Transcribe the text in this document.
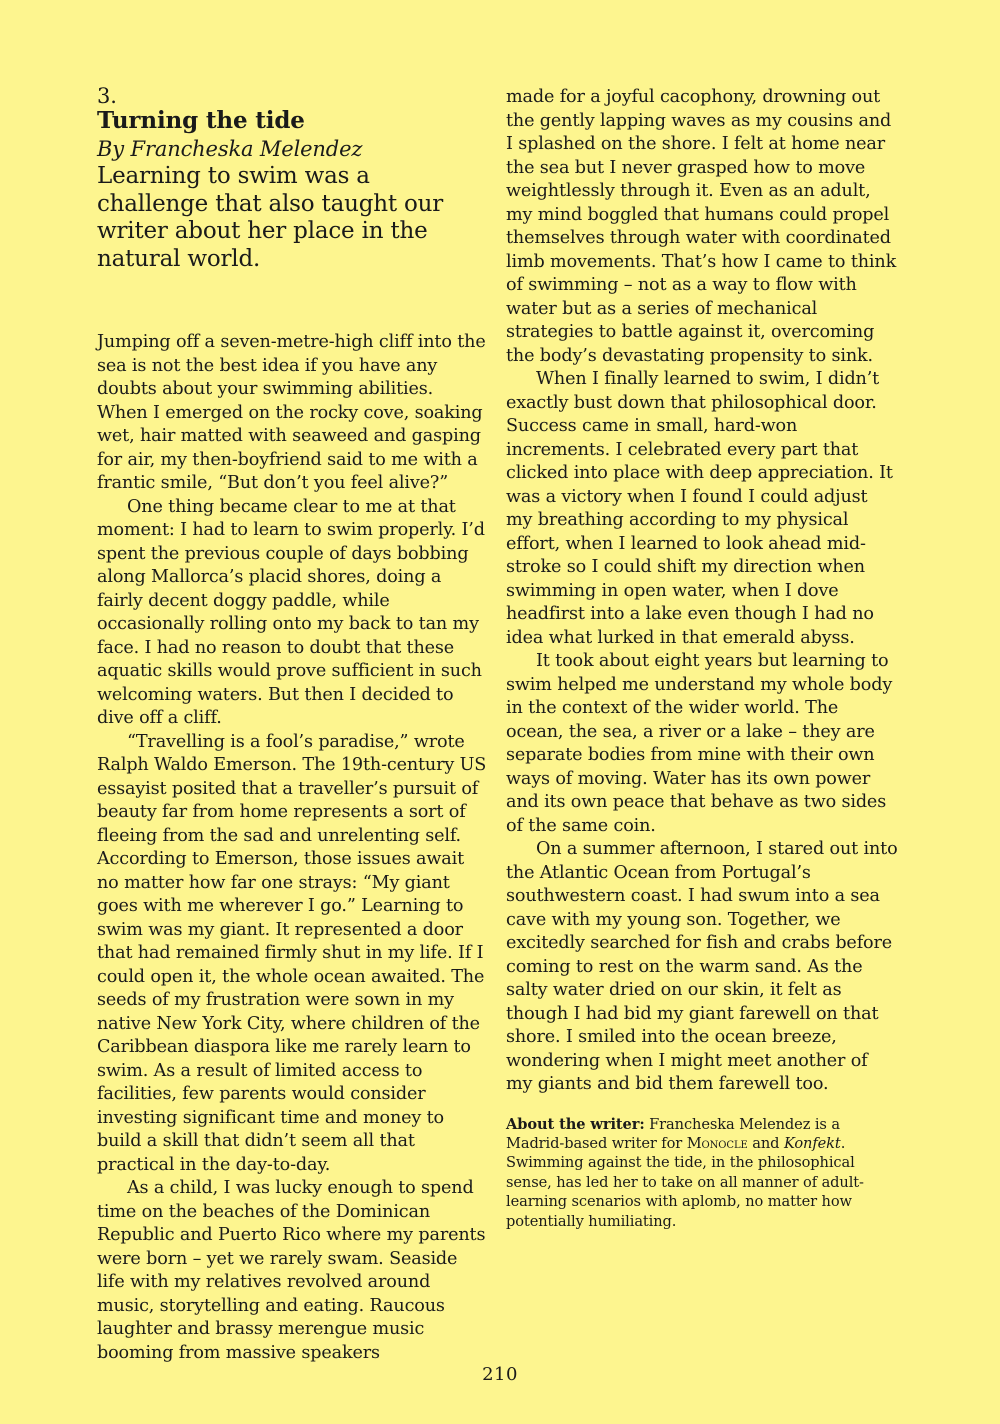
3.

Turning the tide

By Francheska Melendez

Learning to swim was a challenge that also taught our writer about her place in the natural world.

Jumping off a seven-metre-high cliff into the sea is not the best idea if you have any doubts about your swimming abilities. When I emerged on the rocky cove, soaking wet, hair matted with seaweed and gasping for air, my then-boyfriend said to me with a frantic smile, “But don’t you feel alive?”

One thing became clear to me at that moment: I had to learn to swim properly. I’d spent the previous couple of days bobbing along Mallorca’s placid shores, doing a fairly decent doggy paddle, while occasionally rolling onto my back to tan my face. I had no reason to doubt that these aquatic skills would prove sufficient in such welcoming waters. But then I decided to dive off a cliff.

“Travelling is a fool’s paradise,” wrote Ralph Waldo Emerson. The 19th-century US essayist posited that a traveller’s pursuit of beauty far from home represents a sort of fleeing from the sad and unrelenting self. According to Emerson, those issues await no matter how far one strays: “My giant goes with me wherever I go.” Learning to swim was my giant. It represented a door that had remained firmly shut in my life. If I could open it, the whole ocean awaited. The seeds of my frustration were sown in my native New York City, where children of the Caribbean diaspora like me rarely learn to swim. As a result of limited access to facilities, few parents would consider investing significant time and money to build a skill that didn’t seem all that practical in the day-to-day.

As a child, I was lucky enough to spend time on the beaches of the Dominican Republic and Puerto Rico where my parents were born – yet we rarely swam. Seaside life with my relatives revolved around music, storytelling and eating. Raucous laughter and brassy merengue music booming from massive speakers

made for a joyful cacophony, drowning out the gently lapping waves as my cousins and I splashed on the shore. I felt at home near the sea but I never grasped how to move weightlessly through it. Even as an adult, my mind boggled that humans could propel themselves through water with coordinated limb movements. That’s how I came to think of swimming – not as a way to flow with water but as a series of mechanical strategies to battle against it, overcoming the body’s devastating propensity to sink.

When I finally learned to swim, I didn’t exactly bust down that philosophical door. Success came in small, hard-won increments. I celebrated every part that clicked into place with deep appreciation. It was a victory when I found I could adjust my breathing according to my physical effort, when I learned to look ahead mid-stroke so I could shift my direction when swimming in open water, when I dove headfirst into a lake even though I had no idea what lurked in that emerald abyss.

It took about eight years but learning to swim helped me understand my whole body in the context of the wider world. The ocean, the sea, a river or a lake – they are separate bodies from mine with their own ways of moving. Water has its own power and its own peace that behave as two sides of the same coin.

On a summer afternoon, I stared out into the Atlantic Ocean from Portugal’s southwestern coast. I had swum into a sea cave with my young son. Together, we excitedly searched for fish and crabs before coming to rest on the warm sand. As the salty water dried on our skin, it felt as though I had bid my giant farewell on that shore. I smiled into the ocean breeze, wondering when I might meet another of my giants and bid them farewell too.

About the writer: Francheska Melendez is a Madrid-based writer for Monocle and Konfekt. Swimming against the tide, in the philosophical sense, has led her to take on all manner of adult-learning scenarios with aplomb, no matter how potentially humiliating.

210
